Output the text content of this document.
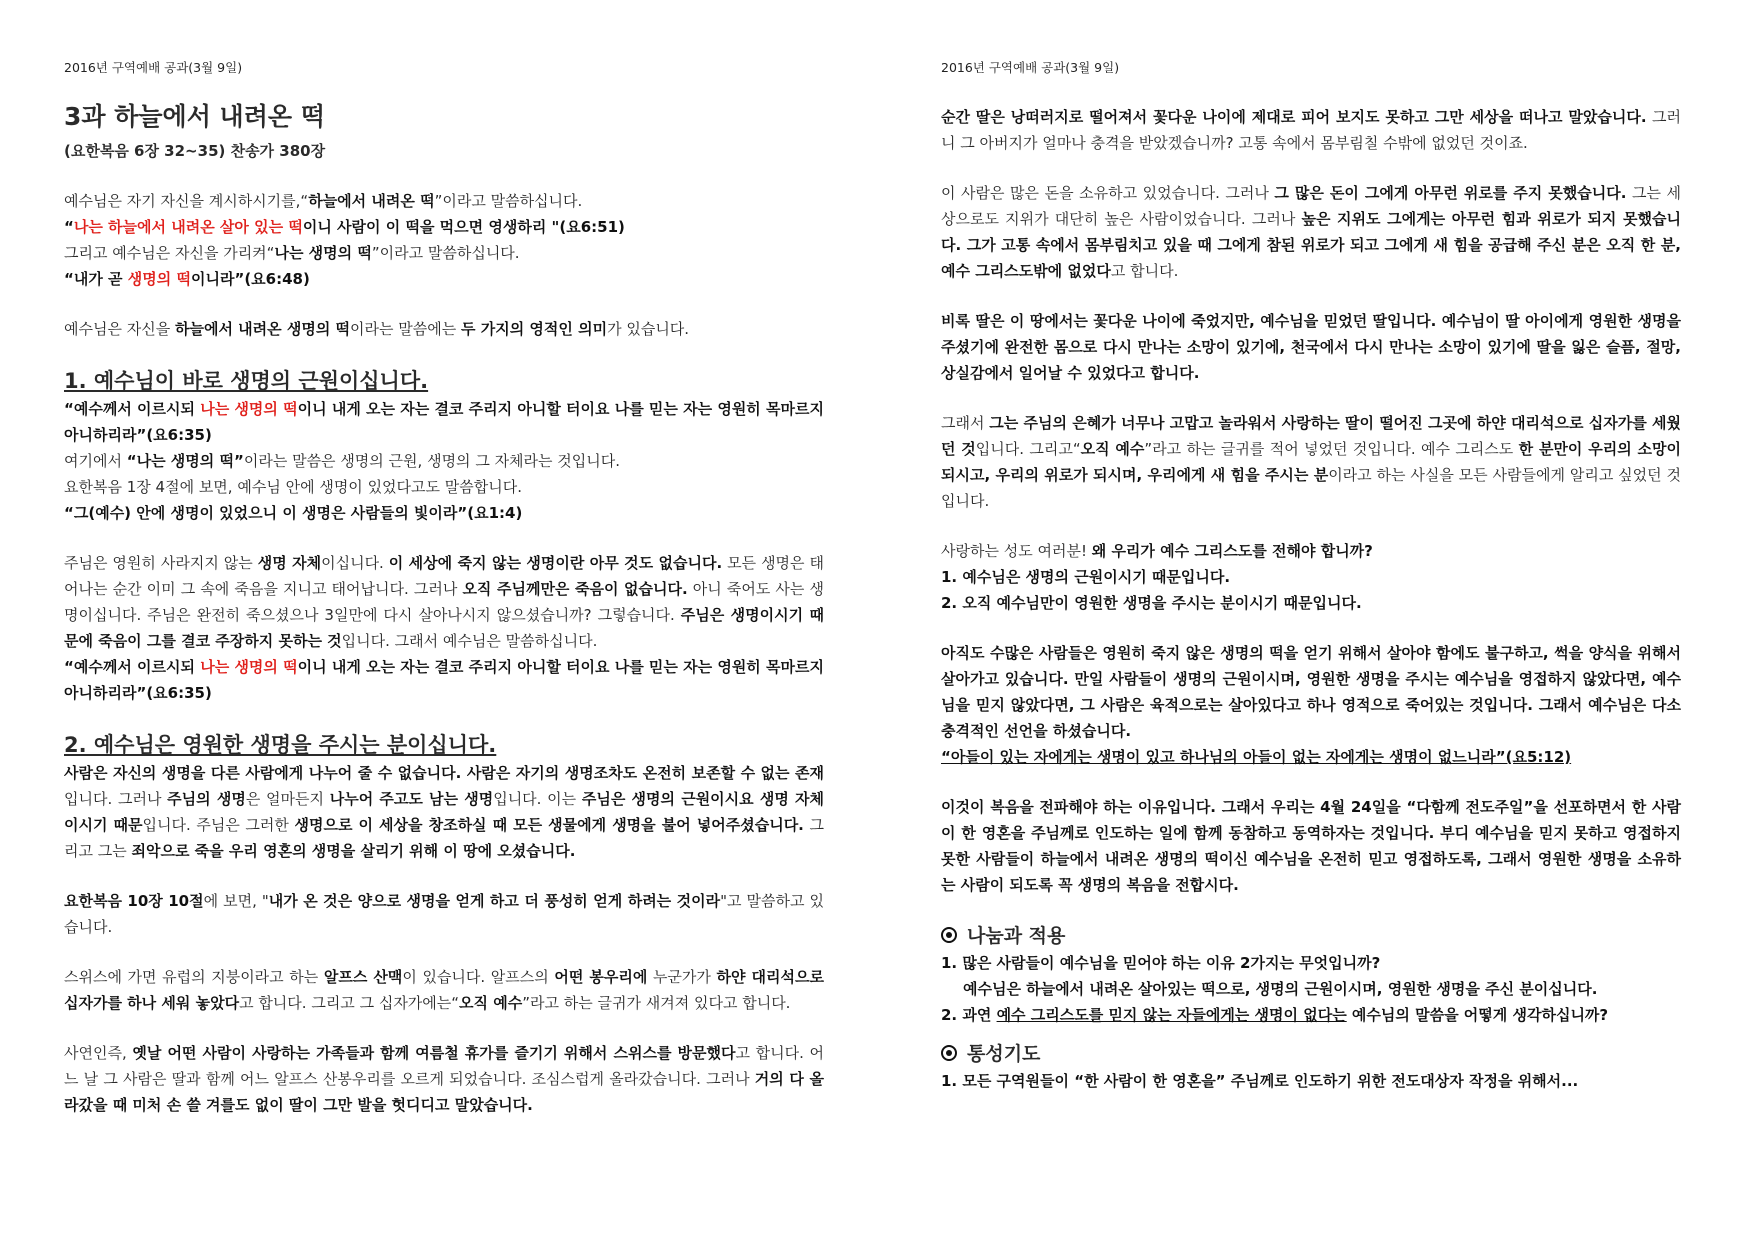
2016년 구역예배 공과(3월 9일)

3과 하늘에서 내려온 떡

(요한복음 6장 32~35) 찬송가 380장

예수님은 자기 자신을 계시하시기를,“하늘에서 내려온 떡”이라고 말씀하십니다.

“나는 하늘에서 내려온 살아 있는 떡이니 사람이 이 떡을 먹으면 영생하리 "(요6:51)

그리고 예수님은 자신을 가리켜“나는 생명의 떡”이라고 말씀하십니다.

“내가 곧 생명의 떡이니라”(요6:48)

예수님은 자신을 하늘에서 내려온 생명의 떡이라는 말씀에는 두 가지의 영적인 의미가 있습니다.

1. 예수님이 바로 생명의 근원이십니다.

“예수께서 이르시되 나는 생명의 떡이니 내게 오는 자는 결코 주리지 아니할 터이요 나를 믿는 자는 영원히 목마르지 아니하리라”(요6:35)

여기에서 “나는 생명의 떡”이라는 말씀은 생명의 근원, 생명의 그 자체라는 것입니다.

요한복음 1장 4절에 보면, 예수님 안에 생명이 있었다고도 말씀합니다.

“그(예수) 안에 생명이 있었으니 이 생명은 사람들의 빛이라”(요1:4)

주님은 영원히 사라지지 않는 생명 자체이십니다. 이 세상에 죽지 않는 생명이란 아무 것도 없습니다. 모든 생명은 태어나는 순간 이미 그 속에 죽음을 지니고 태어납니다. 그러나 오직 주님께만은 죽음이 없습니다. 아니 죽어도 사는 생명이십니다. 주님은 완전히 죽으셨으나 3일만에 다시 살아나시지 않으셨습니까? 그렇습니다. 주님은 생명이시기 때문에 죽음이 그를 결코 주장하지 못하는 것입니다. 그래서 예수님은 말씀하십니다.

“예수께서 이르시되 나는 생명의 떡이니 내게 오는 자는 결코 주리지 아니할 터이요 나를 믿는 자는 영원히 목마르지 아니하리라”(요6:35)

2. 예수님은 영원한 생명을 주시는 분이십니다.

사람은 자신의 생명을 다른 사람에게 나누어 줄 수 없습니다. 사람은 자기의 생명조차도 온전히 보존할 수 없는 존재입니다. 그러나 주님의 생명은 얼마든지 나누어 주고도 남는 생명입니다. 이는 주님은 생명의 근원이시요 생명 자체이시기 때문입니다. 주님은 그러한 생명으로 이 세상을 창조하실 때 모든 생물에게 생명을 불어 넣어주셨습니다. 그리고 그는 죄악으로 죽을 우리 영혼의 생명을 살리기 위해 이 땅에 오셨습니다.

요한복음 10장 10절에 보면, "내가 온 것은 양으로 생명을 얻게 하고 더 풍성히 얻게 하려는 것이라"고 말씀하고 있습니다.

스위스에 가면 유럽의 지붕이라고 하는 알프스 산맥이 있습니다. 알프스의 어떤 봉우리에 누군가가 하얀 대리석으로 십자가를 하나 세워 놓았다고 합니다. 그리고 그 십자가에는“오직 예수”라고 하는 글귀가 새겨져 있다고 합니다.

사연인즉, 옛날 어떤 사람이 사랑하는 가족들과 함께 여름철 휴가를 즐기기 위해서 스위스를 방문했다고 합니다. 어느 날 그 사람은 딸과 함께 어느 알프스 산봉우리를 오르게 되었습니다. 조심스럽게 올라갔습니다. 그러나 거의 다 올라갔을 때 미처 손 쓸 겨를도 없이 딸이 그만 발을 헛디디고 말았습니다.

2016년 구역예배 공과(3월 9일)

순간 딸은 낭떠러지로 떨어져서 꽃다운 나이에 제대로 피어 보지도 못하고 그만 세상을 떠나고 말았습니다. 그러니 그 아버지가 얼마나 충격을 받았겠습니까? 고통 속에서 몸부림칠 수밖에 없었던 것이죠.

이 사람은 많은 돈을 소유하고 있었습니다. 그러나 그 많은 돈이 그에게 아무런 위로를 주지 못했습니다. 그는 세상으로도 지위가 대단히 높은 사람이었습니다. 그러나 높은 지위도 그에게는 아무런 힘과 위로가 되지 못했습니다. 그가 고통 속에서 몸부림치고 있을 때 그에게 참된 위로가 되고 그에게 새 힘을 공급해 주신 분은 오직 한 분, 예수 그리스도밖에 없었다고 합니다.

비록 딸은 이 땅에서는 꽃다운 나이에 죽었지만, 예수님을 믿었던 딸입니다. 예수님이 딸 아이에게 영원한 생명을 주셨기에 완전한 몸으로 다시 만나는 소망이 있기에, 천국에서 다시 만나는 소망이 있기에 딸을 잃은 슬픔, 절망, 상실감에서 일어날 수 있었다고 합니다.

그래서 그는 주님의 은혜가 너무나 고맙고 놀라워서 사랑하는 딸이 떨어진 그곳에 하얀 대리석으로 십자가를 세웠던 것입니다. 그리고“오직 예수”라고 하는 글귀를 적어 넣었던 것입니다. 예수 그리스도 한 분만이 우리의 소망이 되시고, 우리의 위로가 되시며, 우리에게 새 힘을 주시는 분이라고 하는 사실을 모든 사람들에게 알리고 싶었던 것입니다.

사랑하는 성도 여러분! 왜 우리가 예수 그리스도를 전해야 합니까?

1. 예수님은 생명의 근원이시기 때문입니다.

2. 오직 예수님만이 영원한 생명을 주시는 분이시기 때문입니다.

아직도 수많은 사람들은 영원히 죽지 않은 생명의 떡을 얻기 위해서 살아야 함에도 불구하고, 썩을 양식을 위해서 살아가고 있습니다. 만일 사람들이 생명의 근원이시며, 영원한 생명을 주시는 예수님을 영접하지 않았다면, 예수님을 믿지 않았다면, 그 사람은 육적으로는 살아있다고 하나 영적으로 죽어있는 것입니다. 그래서 예수님은 다소 충격적인 선언을 하셨습니다.

“아들이 있는 자에게는 생명이 있고 하나님의 아들이 없는 자에게는 생명이 없느니라”(요5:12)

이것이 복음을 전파해야 하는 이유입니다. 그래서 우리는 4월 24일을 “다함께 전도주일”을 선포하면서 한 사람이 한 영혼을 주님께로 인도하는 일에 함께 동참하고 동역하자는 것입니다. 부디 예수님을 믿지 못하고 영접하지 못한 사람들이 하늘에서 내려온 생명의 떡이신 예수님을 온전히 믿고 영접하도록, 그래서 영원한 생명을 소유하는 사람이 되도록 꼭 생명의 복음을 전합시다.

나눔과 적용

1. 많은 사람들이 예수님을 믿어야 하는 이유 2가지는 무엇입니까?

예수님은 하늘에서 내려온 살아있는 떡으로, 생명의 근원이시며, 영원한 생명을 주신 분이십니다.

2. 과연 예수 그리스도를 믿지 않는 자들에게는 생명이 없다는 예수님의 말씀을 어떻게 생각하십니까?

통성기도

1. 모든 구역원들이 “한 사람이 한 영혼을” 주님께로 인도하기 위한 전도대상자 작정을 위해서...
